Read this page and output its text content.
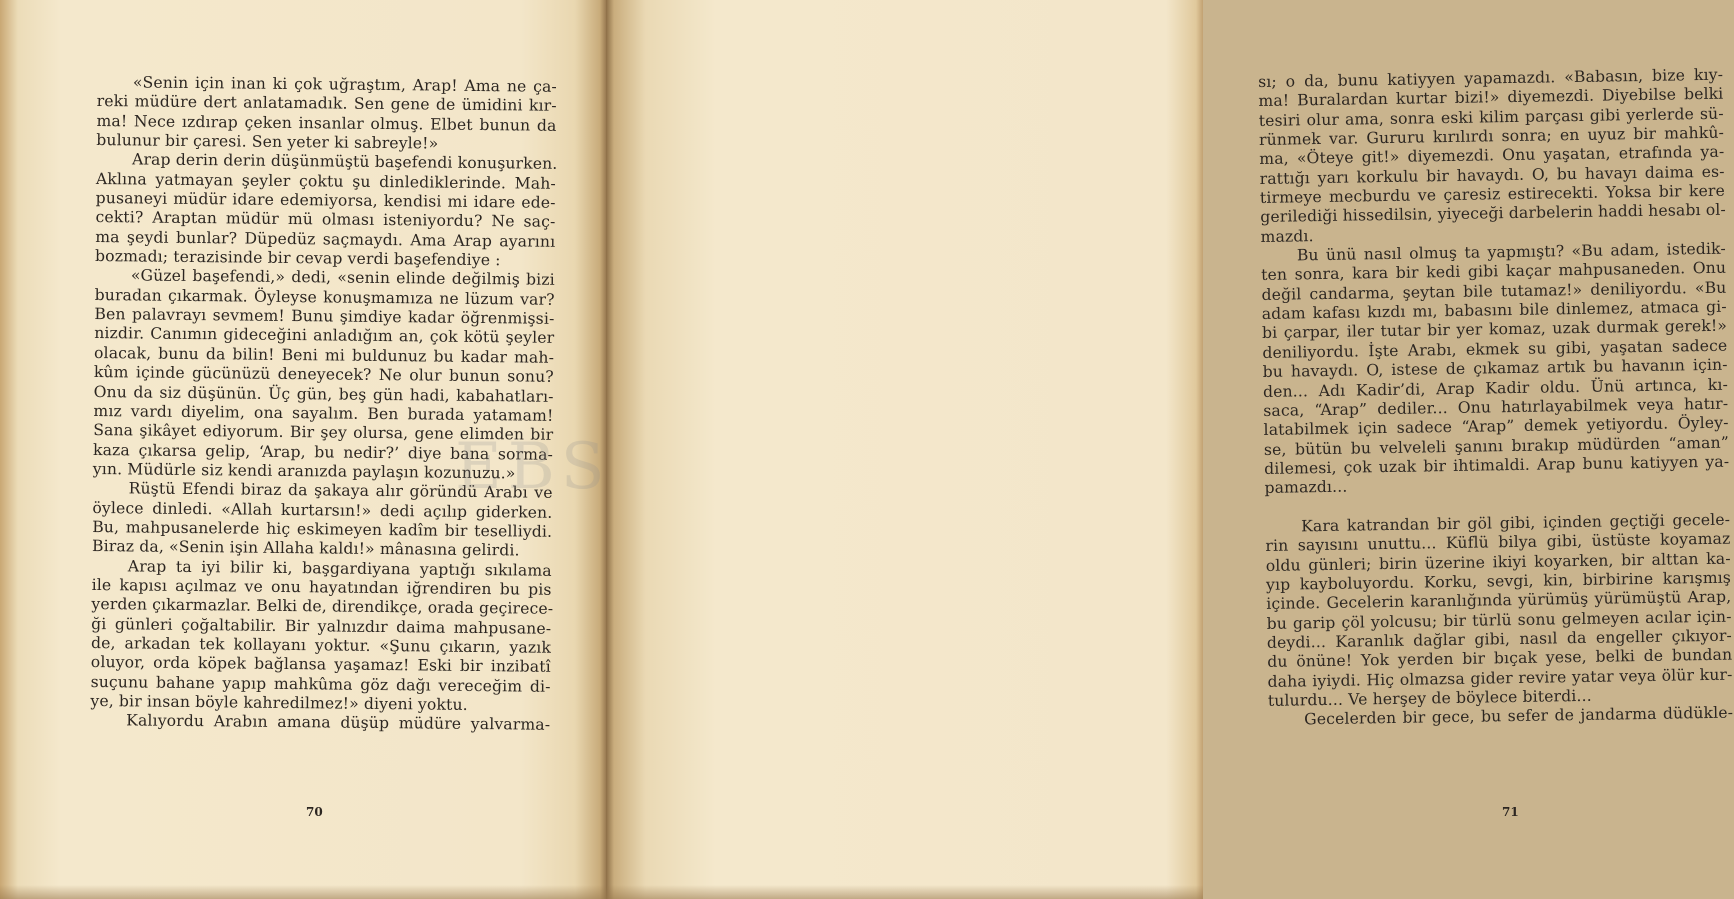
«Senin için inan ki çok uğraştım, Arap! Ama ne ça-
reki müdüre dert anlatamadık. Sen gene de ümidini kır-
ma! Nece ızdırap çeken insanlar olmuş. Elbet bunun da
bulunur bir çaresi. Sen yeter ki sabreyle!»
Arap derin derin düşünmüştü başefendi konuşurken.
Aklına yatmayan şeyler çoktu şu dinlediklerinde. Mah-
pusaneyi müdür idare edemiyorsa, kendisi mi idare ede-
cekti? Araptan müdür mü olması isteniyordu? Ne saç-
ma şeydi bunlar? Düpedüz saçmaydı. Ama Arap ayarını
bozmadı; terazisinde bir cevap verdi başefendiye :
«Güzel başefendi,» dedi, «senin elinde değilmiş bizi
buradan çıkarmak. Öyleyse konuşmamıza ne lüzum var?
Ben palavrayı sevmem! Bunu şimdiye kadar öğrenmişsi-
nizdir. Canımın gideceğini anladığım an, çok kötü şeyler
olacak, bunu da bilin! Beni mi buldunuz bu kadar mah-
kûm içinde gücünüzü deneyecek? Ne olur bunun sonu?
Onu da siz düşünün. Üç gün, beş gün hadi, kabahatları-
mız vardı diyelim, ona sayalım. Ben burada yatamam!
Sana şikâyet ediyorum. Bir şey olursa, gene elimden bir
kaza çıkarsa gelip, ‘Arap, bu nedir?’ diye bana sorma-
yın. Müdürle siz kendi aranızda paylaşın kozunuzu.»
Rüştü Efendi biraz da şakaya alır göründü Arabı ve
öylece dinledi. «Allah kurtarsın!» dedi açılıp giderken.
Bu, mahpusanelerde hiç eskimeyen kadîm bir teselliydi.
Biraz da, «Senin işin Allaha kaldı!» mânasına gelirdi.
Arap ta iyi bilir ki, başgardiyana yaptığı sıkılama
ile kapısı açılmaz ve onu hayatından iğrendiren bu pis
yerden çıkarmazlar. Belki de, direndikçe, orada geçirece-
ği günleri çoğaltabilir. Bir yalnızdır daima mahpusane-
de, arkadan tek kollayanı yoktur. «Şunu çıkarın, yazık
oluyor, orda köpek bağlansa yaşamaz! Eski bir inzibatî
suçunu bahane yapıp mahkûma göz dağı vereceğim di-
ye, bir insan böyle kahredilmez!» diyeni yoktu.
Kalıyordu Arabın amana düşüp müdüre yalvarma-
70
sı; o da, bunu katiyyen yapamazdı. «Babasın, bize kıy-
ma! Buralardan kurtar bizi!» diyemezdi. Diyebilse belki
tesiri olur ama, sonra eski kilim parçası gibi yerlerde sü-
rünmek var. Gururu kırılırdı sonra; en uyuz bir mahkû-
ma, «Öteye git!» diyemezdi. Onu yaşatan, etrafında ya-
rattığı yarı korkulu bir havaydı. O, bu havayı daima es-
tirmeye mecburdu ve çaresiz estirecekti. Yoksa bir kere
gerilediği hissedilsin, yiyeceği darbelerin haddi hesabı ol-
mazdı.
Bu ünü nasıl olmuş ta yapmıştı? «Bu adam, istedik-
ten sonra, kara bir kedi gibi kaçar mahpusaneden. Onu
değil candarma, şeytan bile tutamaz!» deniliyordu. «Bu
adam kafası kızdı mı, babasını bile dinlemez, atmaca gi-
bi çarpar, iler tutar bir yer komaz, uzak durmak gerek!»
deniliyordu. İşte Arabı, ekmek su gibi, yaşatan sadece
bu havaydı. O, istese de çıkamaz artık bu havanın için-
den... Adı Kadir’di, Arap Kadir oldu. Ünü artınca, kı-
saca, “Arap” dediler... Onu hatırlayabilmek veya hatır-
latabilmek için sadece “Arap” demek yetiyordu. Öyley-
se, bütün bu velveleli şanını bırakıp müdürden “aman”
dilemesi, çok uzak bir ihtimaldi. Arap bunu katiyyen ya-
pamazdı...
Kara katrandan bir göl gibi, içinden geçtiği gecele-
rin sayısını unuttu... Küflü bilya gibi, üstüste koyamaz
oldu günleri; birin üzerine ikiyi koyarken, bir alttan ka-
yıp kayboluyordu. Korku, sevgi, kin, birbirine karışmış
içinde. Gecelerin karanlığında yürümüş yürümüştü Arap,
bu garip çöl yolcusu; bir türlü sonu gelmeyen acılar için-
deydi... Karanlık dağlar gibi, nasıl da engeller çıkıyor-
du önüne! Yok yerden bir bıçak yese, belki de bundan
daha iyiydi. Hiç olmazsa gider revire yatar veya ölür kur-
tulurdu... Ve herşey de böylece biterdi...
Gecelerden bir gece, bu sefer de jandarma düdükle-
71
EBS
